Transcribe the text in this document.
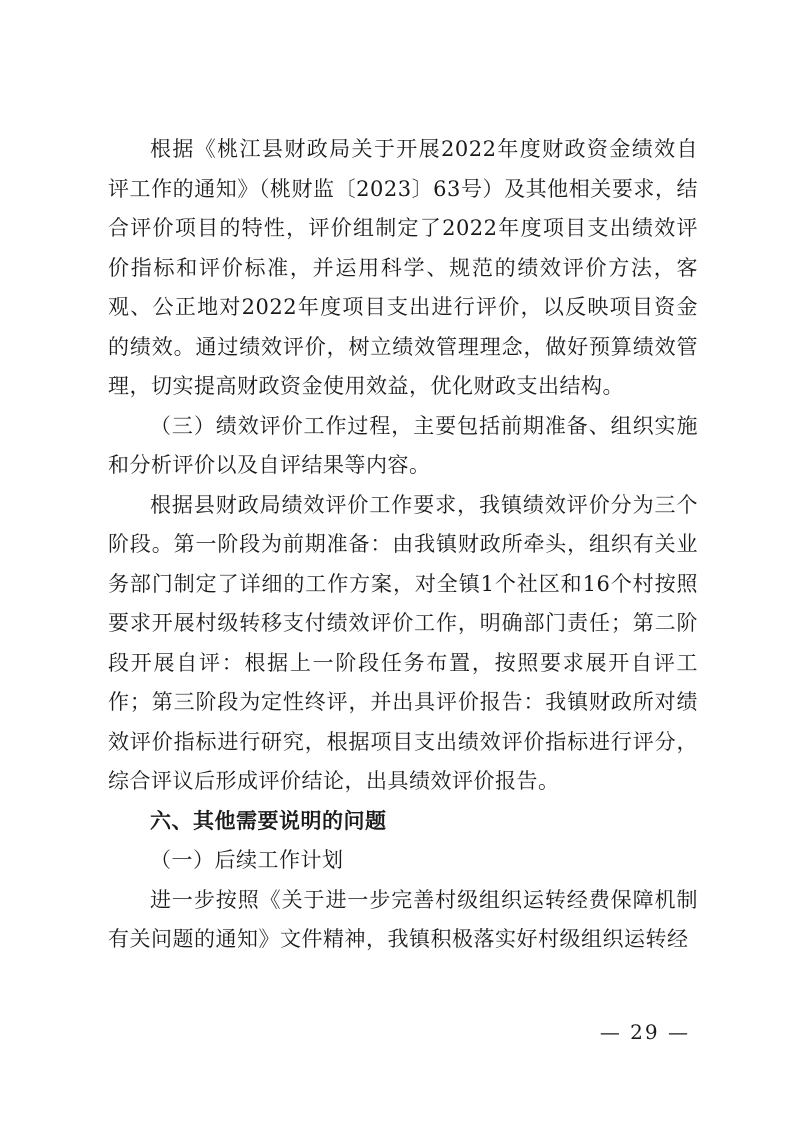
根据《桃江县财政局关于开展2022年度财政资金绩效自评工作的通知》（桃财监〔2023〕63号）及其他相关要求，结合评价项目的特性，评价组制定了2022年度项目支出绩效评价指标和评价标准，并运用科学、规范的绩效评价方法，客观、公正地对2022年度项目支出进行评价，以反映项目资金的绩效。通过绩效评价，树立绩效管理理念，做好预算绩效管理，切实提高财政资金使用效益，优化财政支出结构。

（三）绩效评价工作过程，主要包括前期准备、组织实施和分析评价以及自评结果等内容。

根据县财政局绩效评价工作要求，我镇绩效评价分为三个阶段。第一阶段为前期准备：由我镇财政所牵头，组织有关业务部门制定了详细的工作方案，对全镇1个社区和16个村按照要求开展村级转移支付绩效评价工作，明确部门责任；第二阶段开展自评：根据上一阶段任务布置，按照要求展开自评工作；第三阶段为定性终评，并出具评价报告：我镇财政所对绩效评价指标进行研究，根据项目支出绩效评价指标进行评分，综合评议后形成评价结论，出具绩效评价报告。

六、其他需要说明的问题

（一）后续工作计划

进一步按照《关于进一步完善村级组织运转经费保障机制有关问题的通知》文件精神，我镇积极落实好村级组织运转经

— 29 —
